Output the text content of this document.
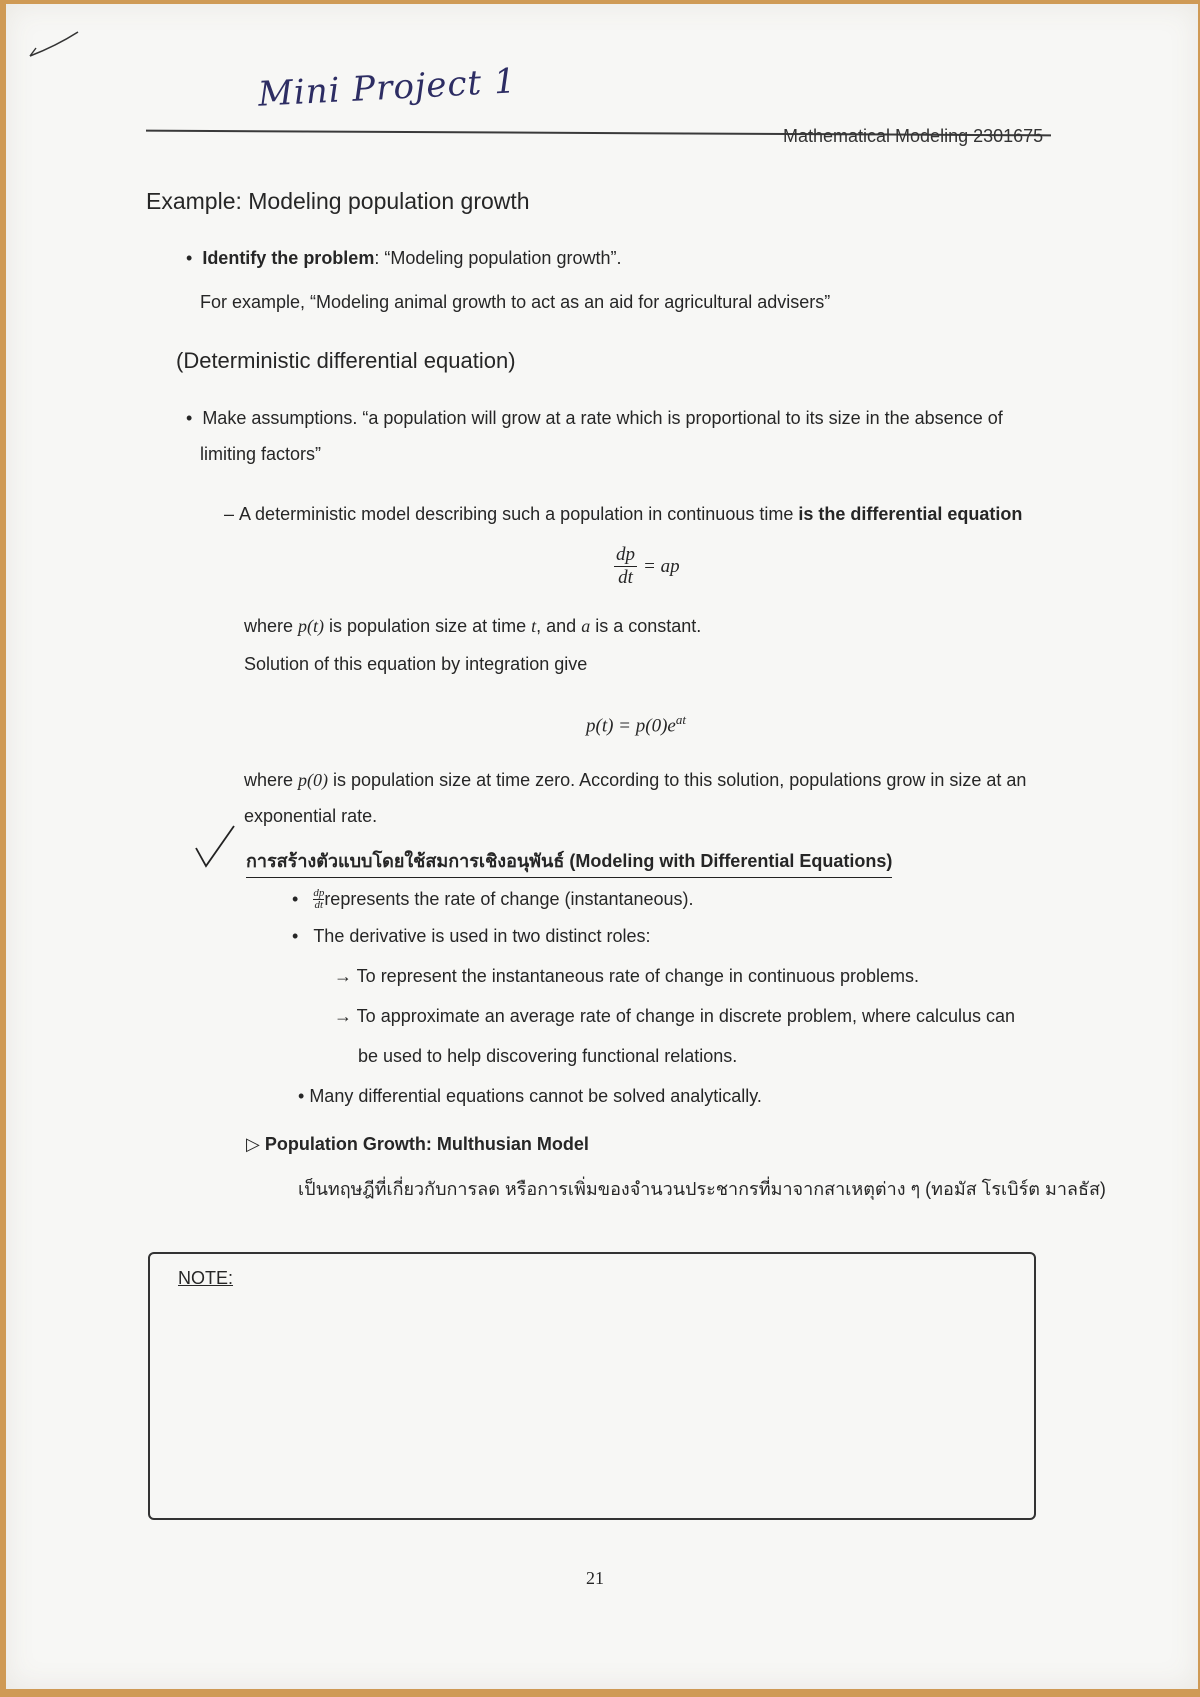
Mini Project 1
Mathematical Modeling 2301675
Example: Modeling population growth
•  Identify the problem: “Modeling population growth”.
For example, “Modeling animal growth to act as an aid for agricultural advisers”
(Deterministic differential equation)
•  Make assumptions. “a population will grow at a rate which is proportional to its size in the absence of
limiting factors”
– A deterministic model describing such a population in continuous time is the differential equation
$\frac{dp}{dt}$ = ap
where p(t) is population size at time t, and a is a constant.
Solution of this equation by integration give
$p(t) = p(0)e^{at}$
where p(0) is population size at time zero. According to this solution, populations grow in size at an
exponential rate.
การสร้างตัวแบบโดยใช้สมการเชิงอนุพันธ์ (Modeling with Differential Equations)
• $\frac{dp}{dt}$ represents the rate of change (instantaneous).
•   The derivative is used in two distinct roles:
→ To represent the instantaneous rate of change in continuous problems.
→ To approximate an average rate of change in discrete problem, where calculus can
be used to help discovering functional relations.
• Many differential equations cannot be solved analytically.
▷ Population Growth: Multhusian Model
เป็นทฤษฎีที่เกี่ยวกับการลด หรือการเพิ่มของจำนวนประชากรที่มาจากสาเหตุต่าง ๆ (ทอมัส โรเบิร์ต มาลธัส)
NOTE:
21
